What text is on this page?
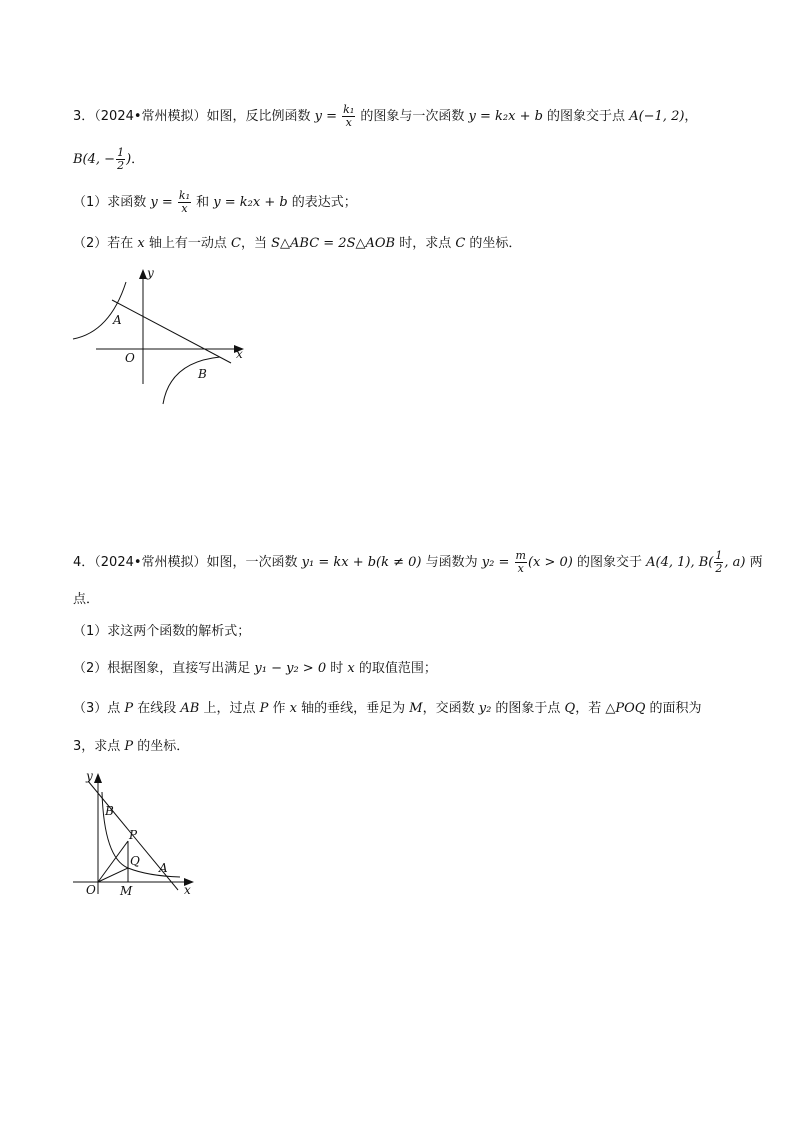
3．（2024•常州模拟）如图，反比例函数 $y = \frac{\text{k₁}}{x}$ 的图象与一次函数 y = k₂x + b 的图象交于点 A(−1, 2)，
B(4, − $\frac{1}{2}$ )．
（1）求函数 $y = \frac{\text{k₁}}{x}$ 和 y = k₂x + b 的表达式；
（2）若在 x 轴上有一动点 C，当 S△ABC = 2S△AOB 时，求点 C 的坐标．
y
x
O
A
B
4．（2024•常州模拟）如图，一次函数 y₁ = kx + b(k ≠ 0) 与函数为 $y_2 = \frac{m}{x} (x > 0)$ 的图象交于 A(4, 1), $B( \frac{1}{2}$ , a) 两
点．
（1）求这两个函数的解析式；
（2）根据图象，直接写出满足 y₁ − y₂ > 0 时 x 的取值范围；
（3）点 P 在线段 AB 上，过点 P 作 x 轴的垂线，垂足为 M，交函数 y₂ 的图象于点 Q，若 △POQ 的面积为
3，求点 P 的坐标．
y
x
O
B
P
Q A
M
